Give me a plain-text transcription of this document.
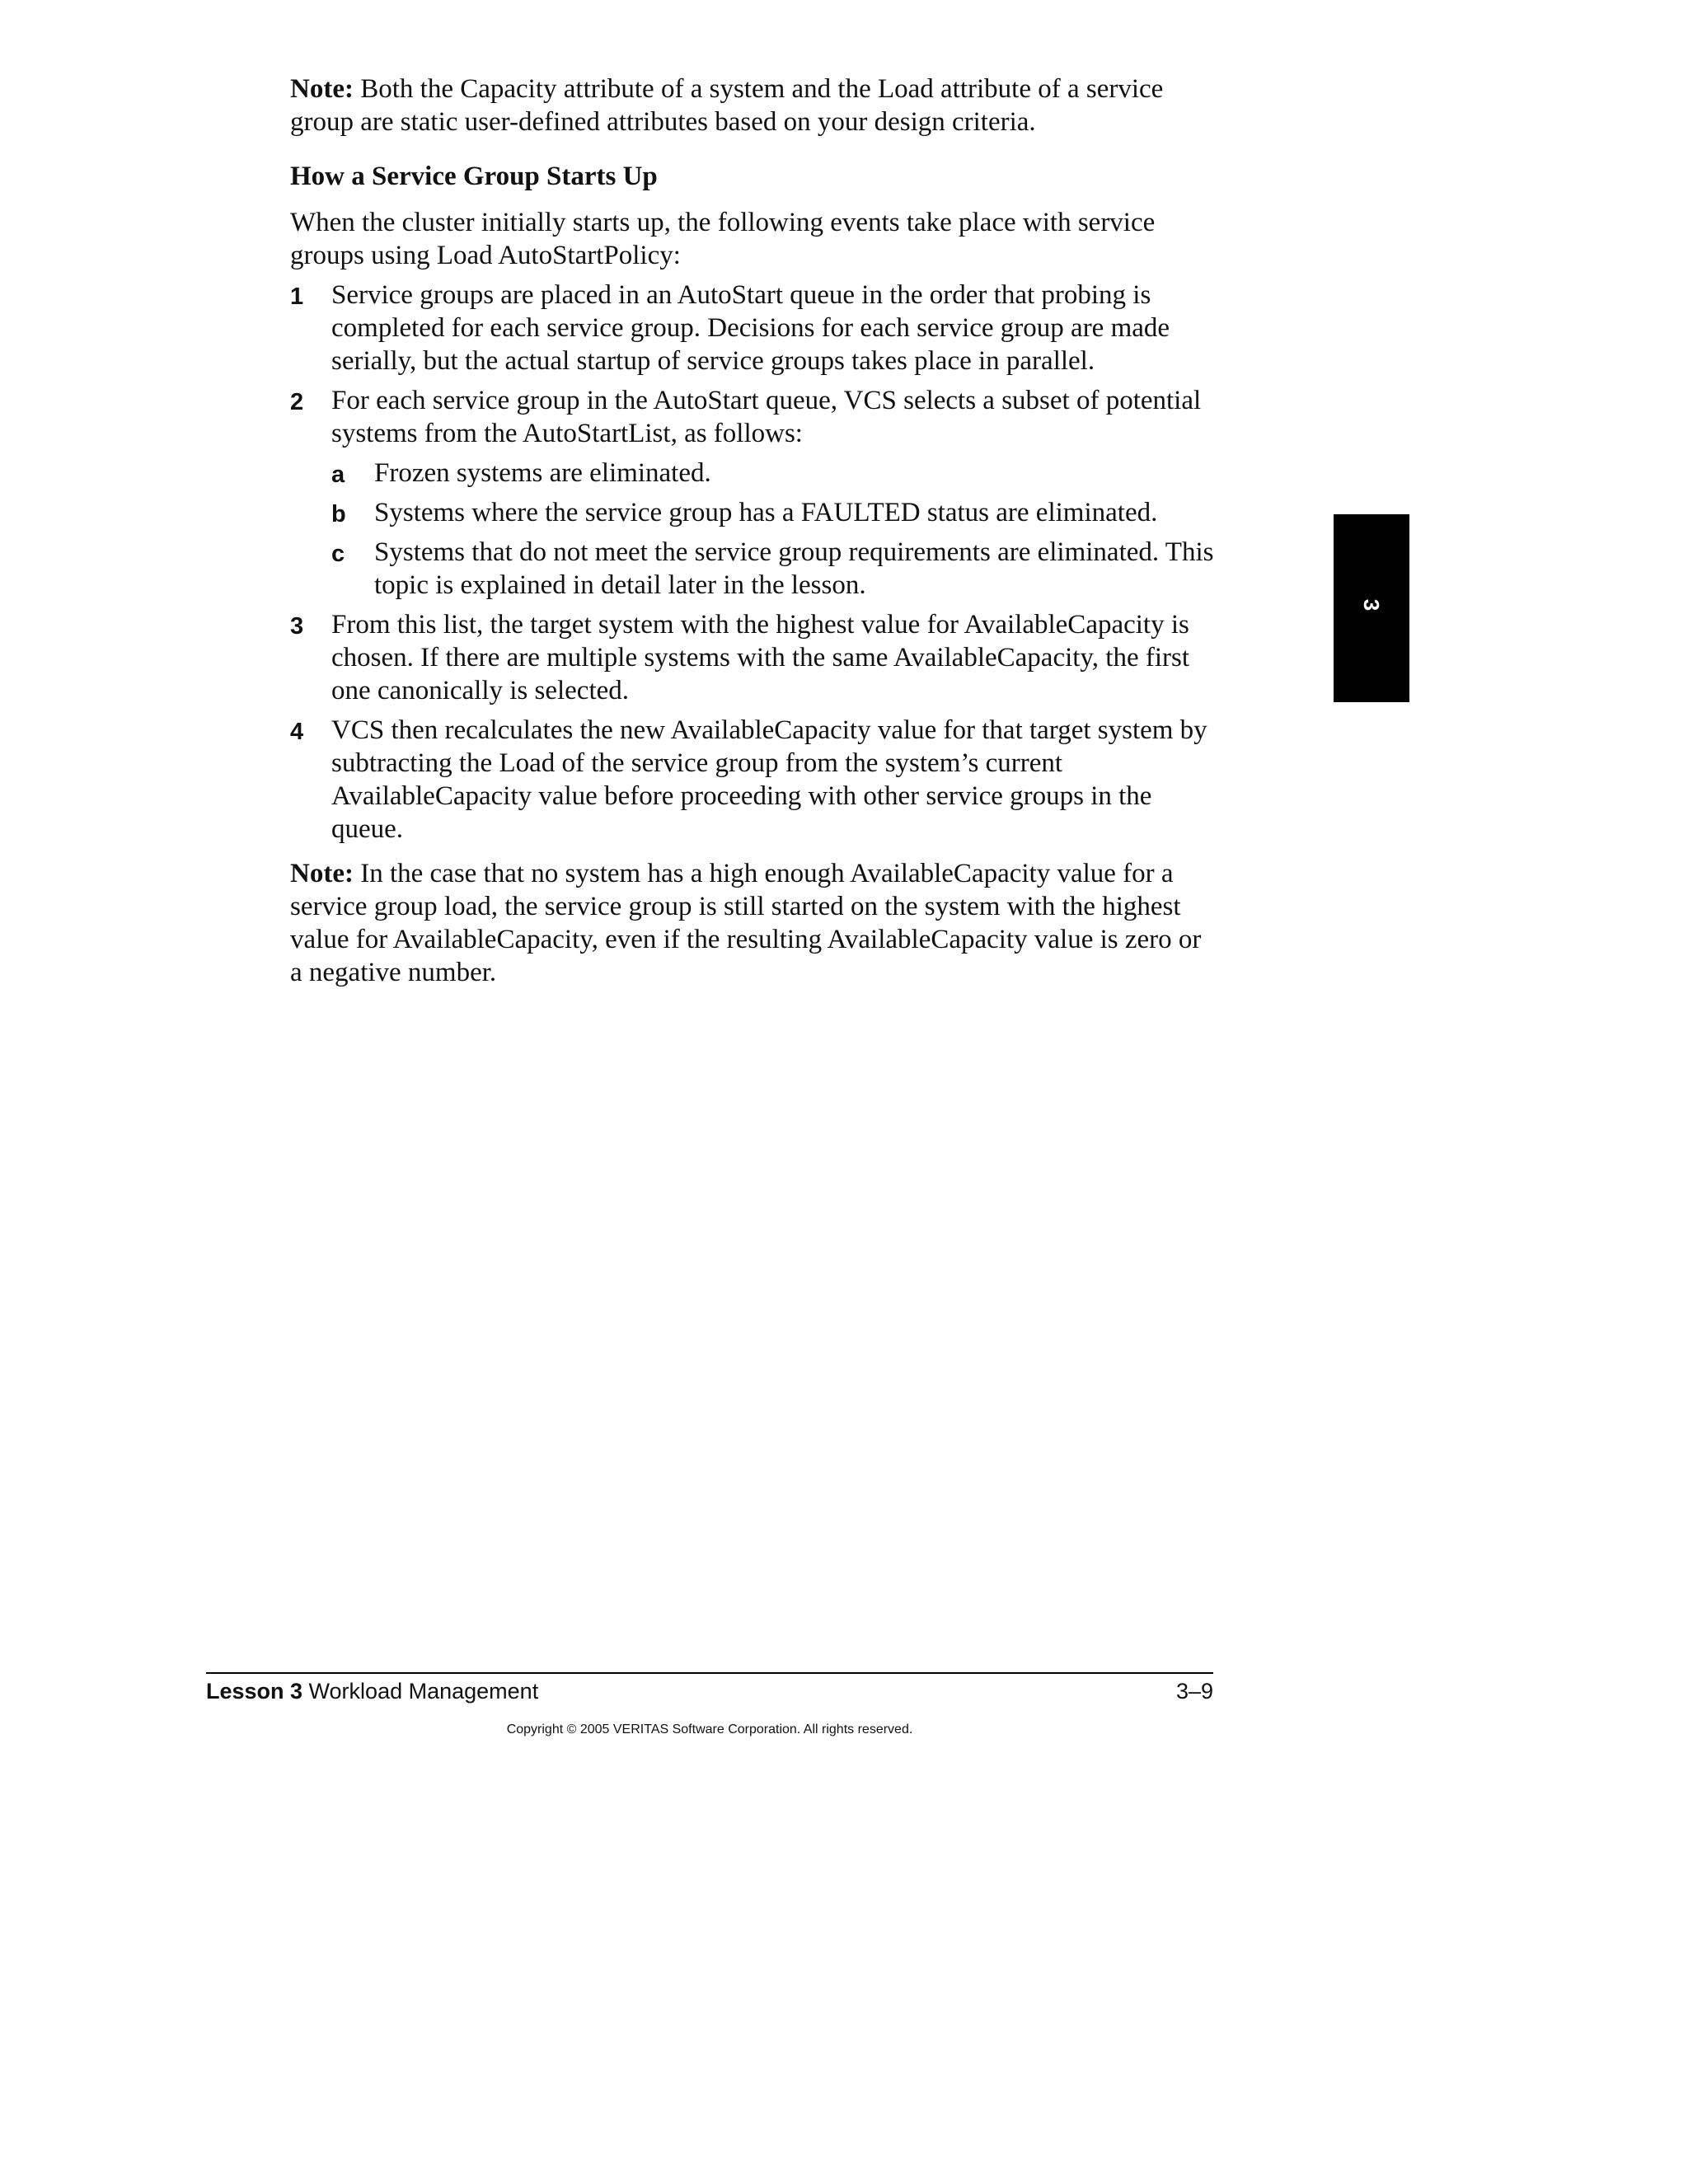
Note: Both the Capacity attribute of a system and the Load attribute of a service group are static user-defined attributes based on your design criteria.

How a Service Group Starts Up

When the cluster initially starts up, the following events take place with service groups using Load AutoStartPolicy:

1 Service groups are placed in an AutoStart queue in the order that probing is completed for each service group. Decisions for each service group are made serially, but the actual startup of service groups takes place in parallel.
2 For each service group in the AutoStart queue, VCS selects a subset of potential systems from the AutoStartList, as follows:
a Frozen systems are eliminated.
b Systems where the service group has a FAULTED status are eliminated.
c Systems that do not meet the service group requirements are eliminated. This topic is explained in detail later in the lesson.
3 From this list, the target system with the highest value for AvailableCapacity is chosen. If there are multiple systems with the same AvailableCapacity, the first one canonically is selected.
4 VCS then recalculates the new AvailableCapacity value for that target system by subtracting the Load of the service group from the system’s current AvailableCapacity value before proceeding with other service groups in the queue.

Note: In the case that no system has a high enough AvailableCapacity value for a service group load, the service group is still started on the system with the highest value for AvailableCapacity, even if the resulting AvailableCapacity value is zero or a negative number.

3
Lesson 3 Workload Management	3–9
Copyright © 2005 VERITAS Software Corporation. All rights reserved.
